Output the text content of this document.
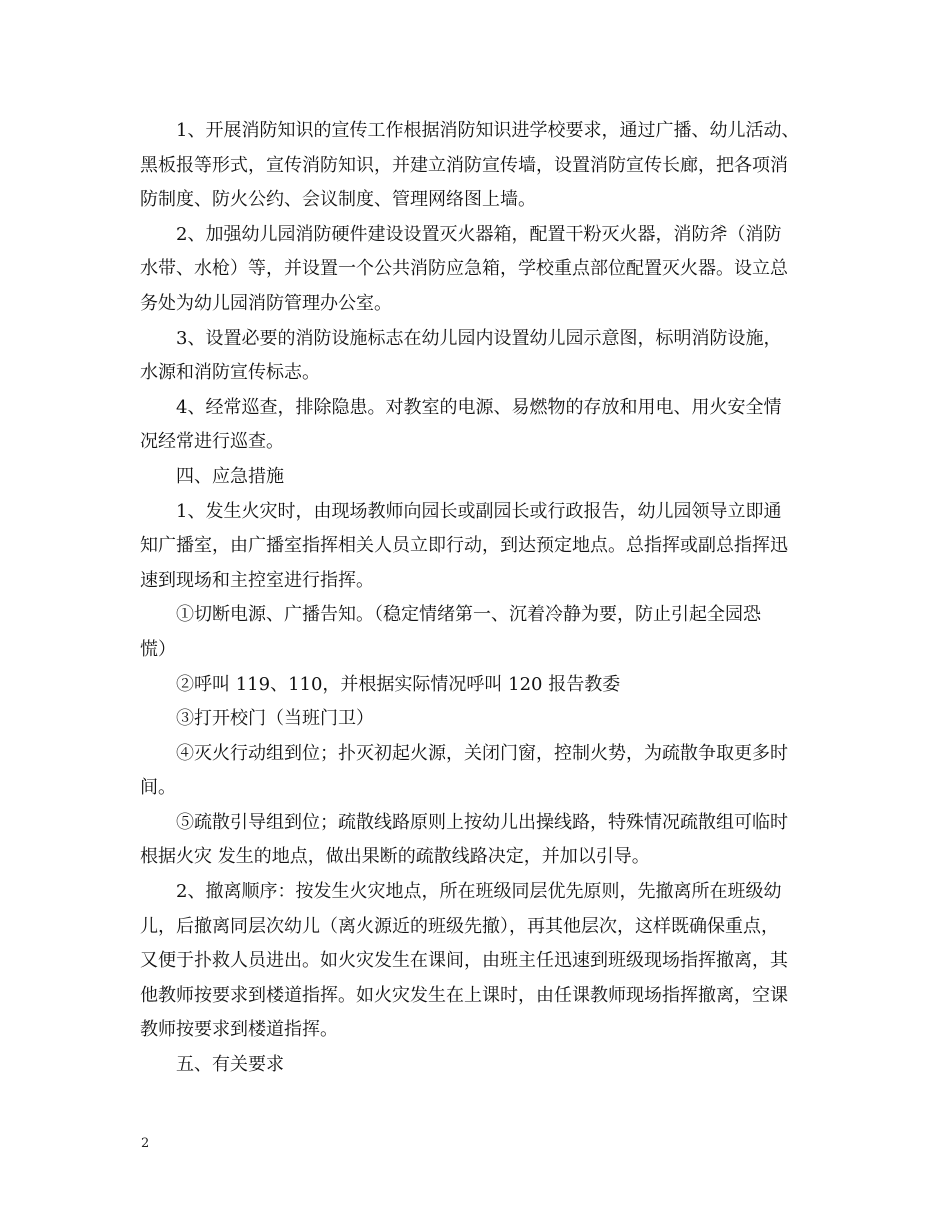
1、开展消防知识的宣传工作根据消防知识进学校要求，通过广播、幼儿活动、
黑板报等形式，宣传消防知识，并建立消防宣传墙，设置消防宣传长廊，把各项消
防制度、防火公约、会议制度、管理网络图上墙。

2、加强幼儿园消防硬件建设设置灭火器箱，配置干粉灭火器，消防斧（消防
水带、水枪）等，并设置一个公共消防应急箱，学校重点部位配置灭火器。设立总
务处为幼儿园消防管理办公室。

3、设置必要的消防设施标志在幼儿园内设置幼儿园示意图，标明消防设施，
水源和消防宣传标志。

4、经常巡查，排除隐患。对教室的电源、易燃物的存放和用电、用火安全情
况经常进行巡查。

四、应急措施

1、发生火灾时，由现场教师向园长或副园长或行政报告，幼儿园领导立即通
知广播室，由广播室指挥相关人员立即行动，到达预定地点。总指挥或副总指挥迅
速到现场和主控室进行指挥。

①切断电源、广播告知。（稳定情绪第一、沉着冷静为要，防止引起全园恐
慌）

②呼叫 119、110，并根据实际情况呼叫 120 报告教委

③打开校门（当班门卫）

④灭火行动组到位；扑灭初起火源，关闭门窗，控制火势，为疏散争取更多时
间。

⑤疏散引导组到位；疏散线路原则上按幼儿出操线路，特殊情况疏散组可临时
根据火灾 发生的地点，做出果断的疏散线路决定，并加以引导。

2、撤离顺序：按发生火灾地点，所在班级同层优先原则，先撤离所在班级幼
儿，后撤离同层次幼儿（离火源近的班级先撤），再其他层次，这样既确保重点，
又便于扑救人员进出。如火灾发生在课间，由班主任迅速到班级现场指挥撤离，其
他教师按要求到楼道指挥。如火灾发生在上课时，由任课教师现场指挥撤离，空课
教师按要求到楼道指挥。

五、有关要求

2
